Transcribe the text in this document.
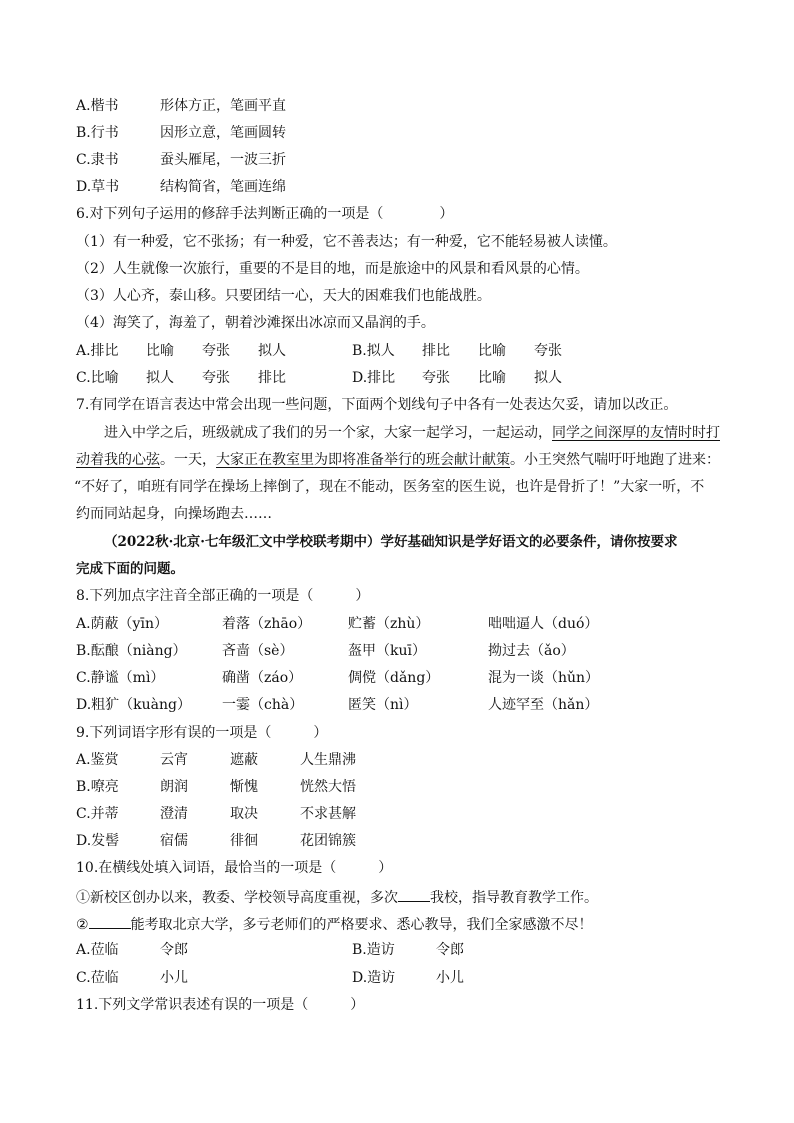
A.楷书	形体方正，笔画平直
B.行书	因形立意，笔画圆转
C.隶书	蚕头雁尾，一波三折
D.草书	结构简省，笔画连绵
6.对下列句子运用的修辞手法判断正确的一项是（　　　　）
（1）有一种爱，它不张扬；有一种爱，它不善表达；有一种爱，它不能轻易被人读懂。
（2）人生就像一次旅行，重要的不是目的地，而是旅途中的风景和看风景的心情。
（3）人心齐，泰山移。只要团结一心，天大的困难我们也能战胜。
（4）海笑了，海羞了，朝着沙滩探出冰凉而又晶润的手。
A.排比 比喻 夸张 拟人	B.拟人 排比 比喻 夸张
C.比喻 拟人 夸张 排比	D.排比 夸张 比喻 拟人
7.有同学在语言表达中常会出现一些问题，下面两个划线句子中各有一处表达欠妥，请加以改正。
进入中学之后，班级就成了我们的另一个家，大家一起学习，一起运动，同学之间深厚的友情时时打
动着我的心弦。一天，大家正在教室里为即将准备举行的班会献计献策。小王突然气喘吁吁地跑了进来：
“不好了，咱班有同学在操场上摔倒了，现在不能动，医务室的医生说，也许是骨折了！”大家一听，不
约而同站起身，向操场跑去……
（2022秋·北京·七年级汇文中学校联考期中）学好基础知识是学好语文的必要条件，请你按要求
完成下面的问题。
8.下列加点字注音全部正确的一项是（　　　）
A.荫蔽（yīn）	着落（zhāo）	贮蓄（zhù）	咄咄逼人（duó）
B.酝酿（niàng）	吝啬（sè）	盔甲（kuī）	拗过去（ǎo）
C.静谧（mì）	确凿（záo）	倜傥（dǎng）	混为一谈（hǔn）
D.粗犷（kuàng） 一霎（chà）	匿笑（nì）	人迹罕至（hǎn）
9.下列词语字形有误的一项是（　　　）
A.鉴赏	云宵	遮蔽	人生鼎沸
B.嘹亮	朗润	惭愧	恍然大悟
C.并蒂	澄清	取决	不求甚解
D.发髻	宿儒	徘徊	花团锦簇
10.在横线处填入词语，最恰当的一项是（　　　）
①新校区创办以来，教委、学校领导高度重视，多次 我校，指导教育教学工作。
②	能考取北京大学，多亏老师们的严格要求、悉心教导，我们全家感激不尽！
A.莅临	令郎	B.造访	令郎
C.莅临	小儿	D.造访	小儿
11.下列文学常识表述有误的一项是（　　　）
